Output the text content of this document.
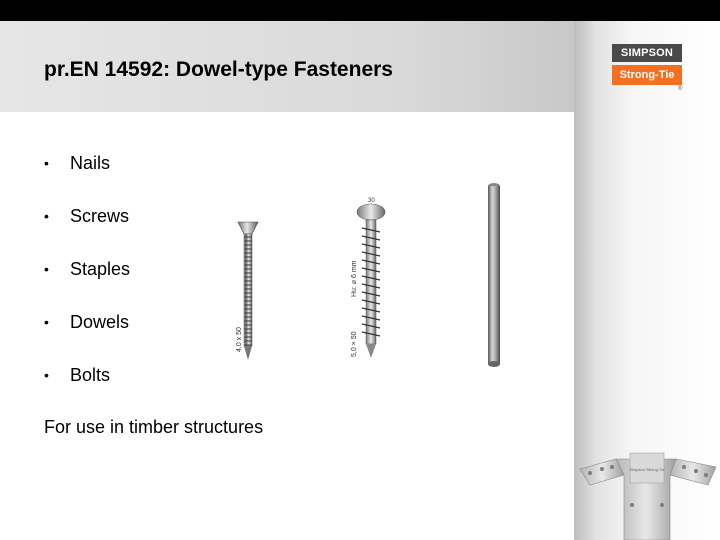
pr.EN 14592: Dowel-type Fasteners
SIMPSON
Strong-Tie
®
•	Nails
•	Screws
•	Staples
•	Dowels
•	Bolts

For use in timber structures

4,0 x 50
30
Hu: ⌀ 6 mm
5,0 × 50
Simpson Strong-Tie
